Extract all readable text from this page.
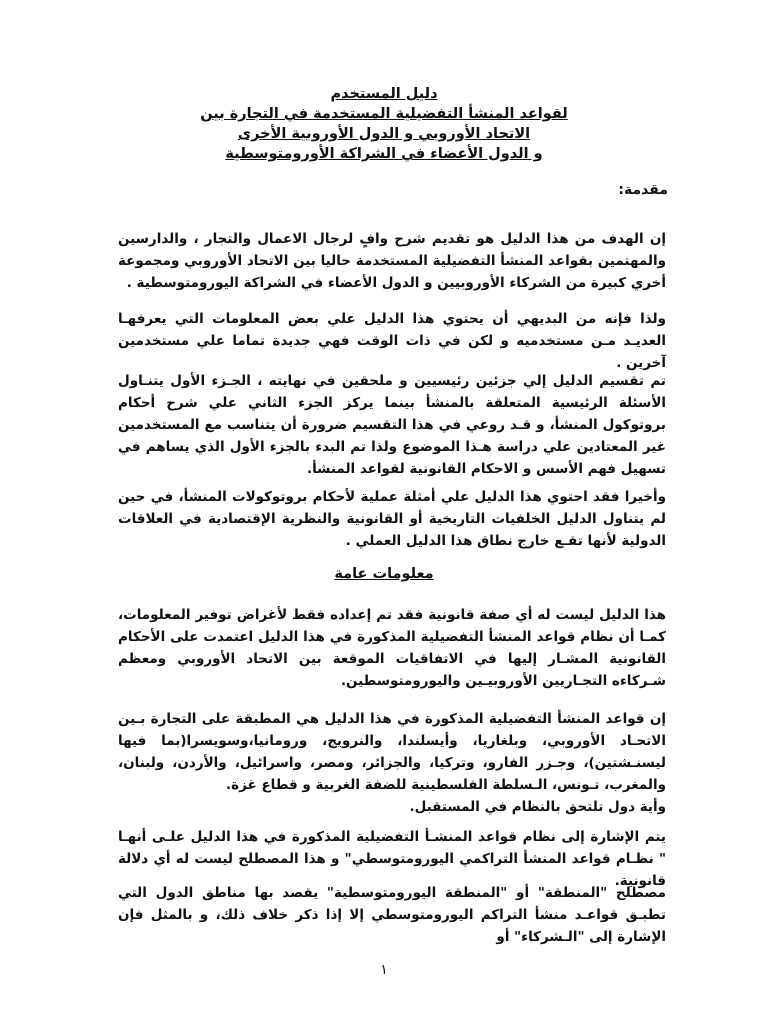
دليل المستخدم
لقواعد المنشأ التفضيلية المستخدمة في التجارة بين
الاتحاد الأوروبي و الدول الأوروبية الأخرى
و الدول الأعضاء في الشراكة الأورومتوسطية
مقدمة:

إن الهدف من هذا الدليل هو تقديم شرح وافٍ لرجال الاعمال والتجار ، والدارسين والمهتمين بقواعد المنشأ التفضيلية المستخدمة حاليا بين الاتحاد الأوروبي ومجموعة أخري كبيرة من الشركاء الأوروبيين و الدول الأعضاء في الشراكة اليورومتوسطية .

ولذا فإنه من البديهي أن يحتوي هذا الدليل علي بعض المعلومات التي يعرفهـا العديـد مـن مستخدميه و لكن في ذات الوقت فهي جديدة تماما علي مستخدمين آخرين .

تم تقسيم الدليل إلي جزئين رئيسيين و ملحقين في نهايته ، الجـزء الأول يتنـاول الأسئلة الرئيسية المتعلقة بالمنشأ بينما يركز الجزء الثاني علي شرح أحكام بروتوكول المنشأ، و قـد روعي في هذا التقسيم ضرورة أن يتناسب مع المستخدمين غير المعتادين علي دراسة هـذا الموضوع ولذا تم البدء بالجزء الأول الذي يساهم في تسهيل فهم الأسس و الاحكام القانونية لقواعد المنشأ.

وأخيرا فقد احتوي هذا الدليل علي أمثلة عملية لأحكام بروتوكولات المنشأ، في حين لم يتناول الدليل الخلفيات التاريخية أو القانونية والنظرية الإقتصادية في العلاقات الدولية لأنها تقـع خارج نطاق هذا الدليل العملي .

معلومات عامة

هذا الدليل ليست له أي صفة قانونية فقد تم إعداده فقط لأغراض توفير المعلومات، كمـا أن نظام قواعد المنشأ التفضيلية المذكورة في هذا الدليل اعتمدت على الأحكام القانونية المشـار إليها في الاتفاقيات الموقعة بين الاتحاد الأوروبي ومعظم شـركاءه التجـاريين الأوروبيـين واليورومتوسطين.

إن قواعد المنشأ التفضيلية المذكورة في هذا الدليل هي المطبقة على التجارة بـين الاتحـاد الأوروبي، وبلغاريا، وأيسلندا، والنرويج، ورومانيا،وسويسرا(بما فيها ليسنـشتين)، وجـزر الفارو، وتركيا، والجزائر، ومصر، واسرائيل، والأردن، ولبنان، والمغرب، تـونس، الـسلطة الفلسطينية للضفة الغربية و قطاع غزة.

وأية دول تلتحق بالنظام في المستقبل.

يتم الإشارة إلى نظام قواعد المنشـأ التفضيلية المذكورة في هذا الدليل علـى أنهـا " نظـام قواعد المنشأ التراكمي اليورومتوسطي" و هذا المصطلح ليست له أي دلالة قانونية.

مصطلح "المنطقة" أو "المنطقة اليورومتوسطية" يقصد بها مناطق الدول التي تطبـق قواعـد منشأ التراكم اليورومتوسطي إلا إذا ذكر خلاف ذلك، و بالمثل فإن الإشارة إلى "الـشركاء" أو

١
